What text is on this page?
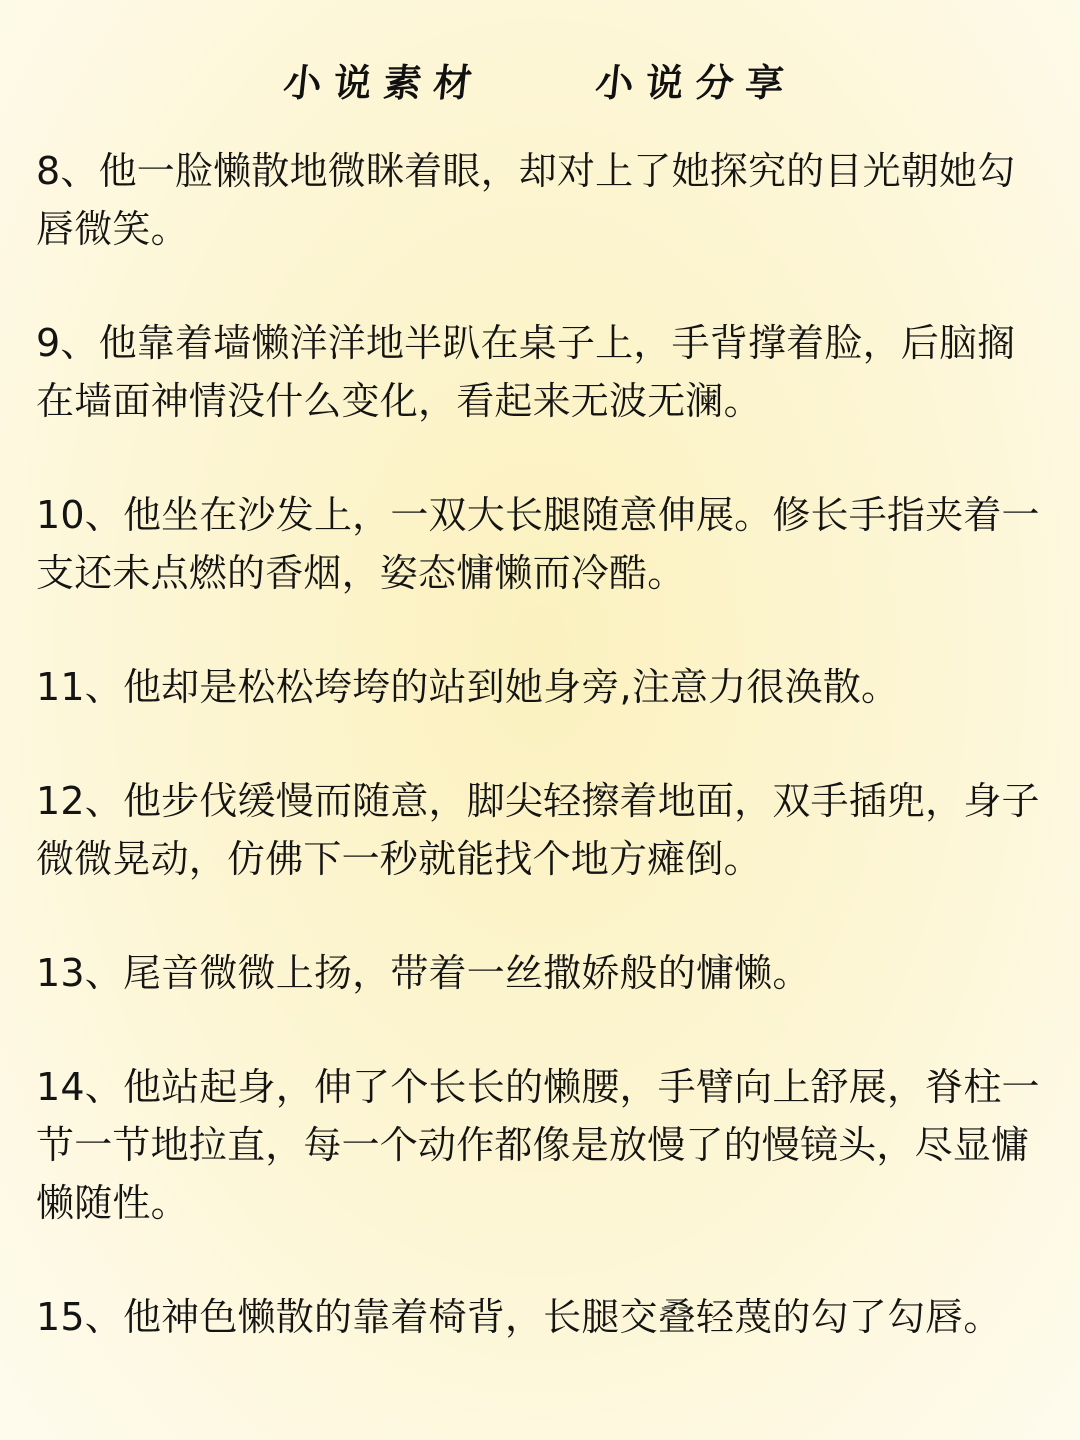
小说素材	小说分享

8、他一脸懒散地微眯着眼，却对上了她探究的目光朝她勾唇微笑。

9、他靠着墙懒洋洋地半趴在桌子上，手背撑着脸，后脑搁在墙面神情没什么变化，看起来无波无澜。

10、他坐在沙发上，一双大长腿随意伸展。修长手指夹着一支还未点燃的香烟，姿态慵懒而冷酷。

11、他却是松松垮垮的站到她身旁,注意力很涣散。

12、他步伐缓慢而随意，脚尖轻擦着地面，双手插兜，身子微微晃动，仿佛下一秒就能找个地方瘫倒。

13、尾音微微上扬，带着一丝撒娇般的慵懒。

14、他站起身，伸了个长长的懒腰，手臂向上舒展，脊柱一节一节地拉直，每一个动作都像是放慢了的慢镜头，尽显慵懒随性。

15、他神色懒散的靠着椅背，长腿交叠轻蔑的勾了勾唇。
